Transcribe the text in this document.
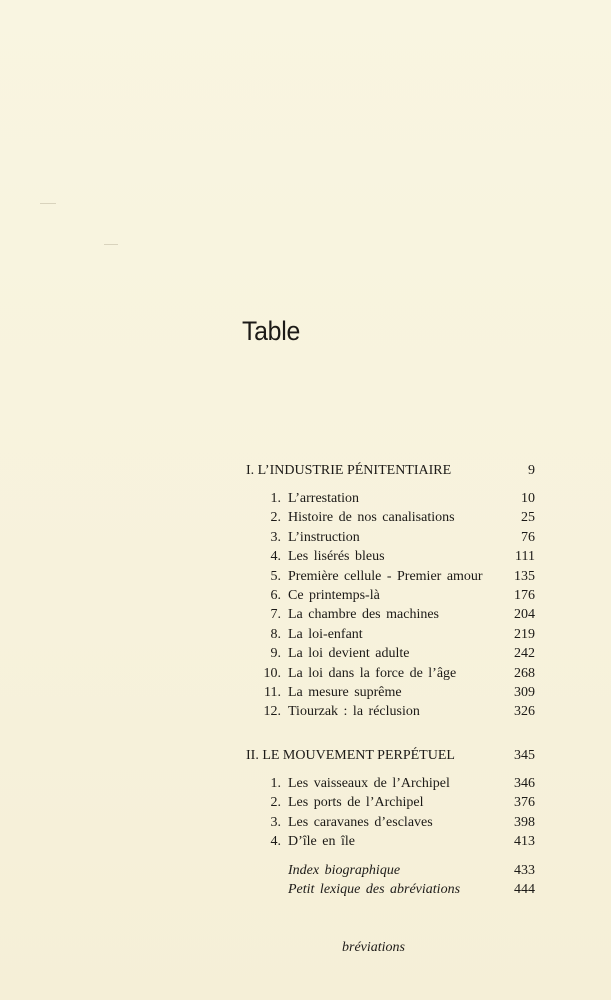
Table
I. L’INDUSTRIE PÉNITENTIAIRE	9
1. L’arrestation	10
2. Histoire de nos canalisations	25
3. L’instruction	76
4. Les lisérés bleus	111
5. Première cellule - Premier amour	135
6. Ce printemps-là	176
7. La chambre des machines	204
8. La loi-enfant	219
9. La loi devient adulte	242
10. La loi dans la force de l’âge	268
11. La mesure suprême	309
12. Tiourzak : la réclusion	326
II. LE MOUVEMENT PERPÉTUEL	345
1. Les vaisseaux de l’Archipel	346
2. Les ports de l’Archipel	376
3. Les caravanes d’esclaves	398
4. D’île en île	413
Index biographique	433
Petit lexique des abréviations	444
bréviations
